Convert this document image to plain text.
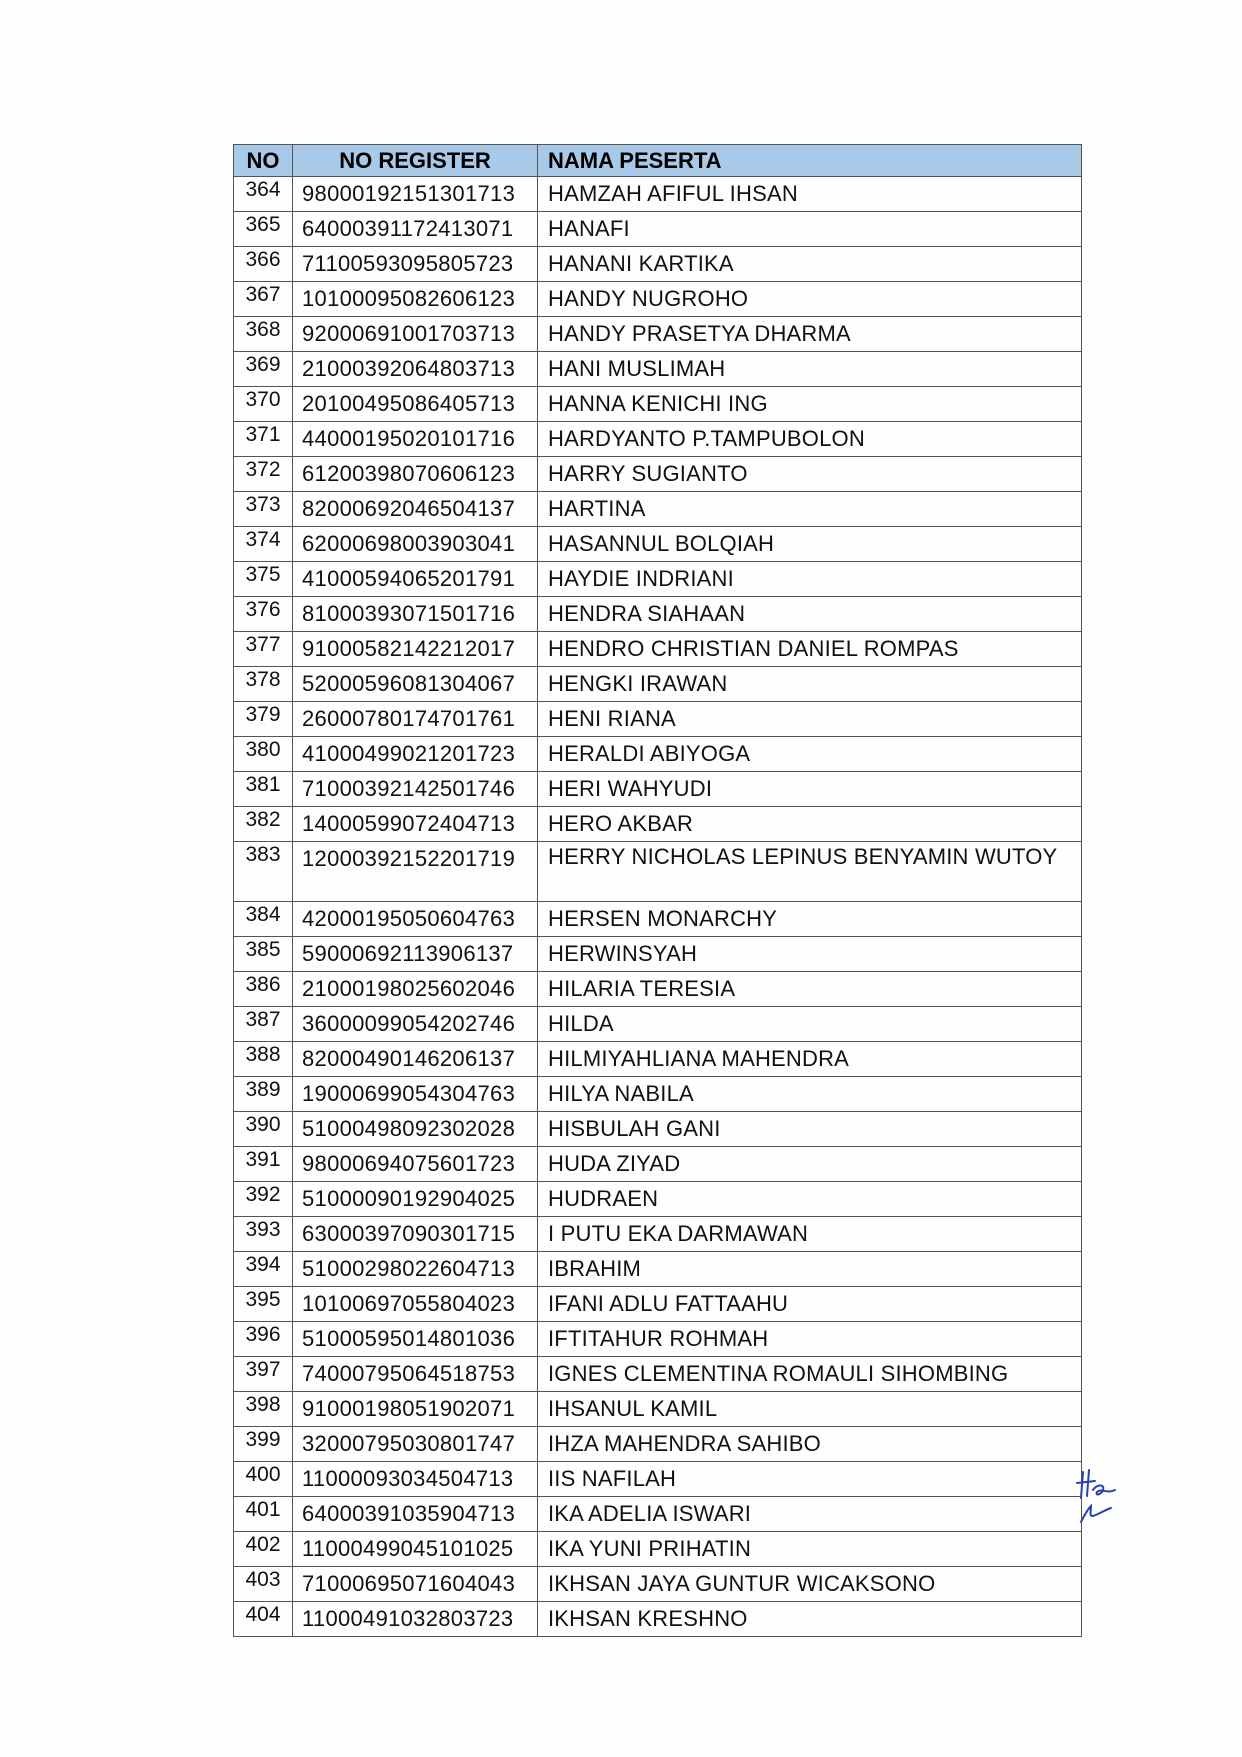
NO	NO REGISTER	NAMA PESERTA
364	98000192151301713	HAMZAH AFIFUL IHSAN
365	64000391172413071	HANAFI
366	71100593095805723	HANANI KARTIKA
367	10100095082606123	HANDY NUGROHO
368	92000691001703713	HANDY PRASETYA DHARMA
369	21000392064803713	HANI MUSLIMAH
370	20100495086405713	HANNA KENICHI ING
371	44000195020101716	HARDYANTO P.TAMPUBOLON
372	61200398070606123	HARRY SUGIANTO
373	82000692046504137	HARTINA
374	62000698003903041	HASANNUL BOLQIAH
375	41000594065201791	HAYDIE INDRIANI
376	81000393071501716	HENDRA SIAHAAN
377	91000582142212017	HENDRO CHRISTIAN DANIEL ROMPAS
378	52000596081304067	HENGKI IRAWAN
379	26000780174701761	HENI RIANA
380	41000499021201723	HERALDI ABIYOGA
381	71000392142501746	HERI WAHYUDI
382	14000599072404713	HERO AKBAR
383	12000392152201719	HERRY NICHOLAS LEPINUS BENYAMIN WUTOY
384	42000195050604763	HERSEN MONARCHY
385	59000692113906137	HERWINSYAH
386	21000198025602046	HILARIA TERESIA
387	36000099054202746	HILDA
388	82000490146206137	HILMIYAHLIANA MAHENDRA
389	19000699054304763	HILYA NABILA
390	51000498092302028	HISBULAH GANI
391	98000694075601723	HUDA ZIYAD
392	51000090192904025	HUDRAEN
393	63000397090301715	I PUTU EKA DARMAWAN
394	51000298022604713	IBRAHIM
395	10100697055804023	IFANI ADLU FATTAAHU
396	51000595014801036	IFTITAHUR ROHMAH
397	74000795064518753	IGNES CLEMENTINA ROMAULI SIHOMBING
398	91000198051902071	IHSANUL KAMIL
399	32000795030801747	IHZA MAHENDRA SAHIBO
400	11000093034504713	IIS NAFILAH
401	64000391035904713	IKA ADELIA ISWARI
402	11000499045101025	IKA YUNI PRIHATIN
403	71000695071604043	IKHSAN JAYA GUNTUR WICAKSONO
404	11000491032803723	IKHSAN KRESHNO
